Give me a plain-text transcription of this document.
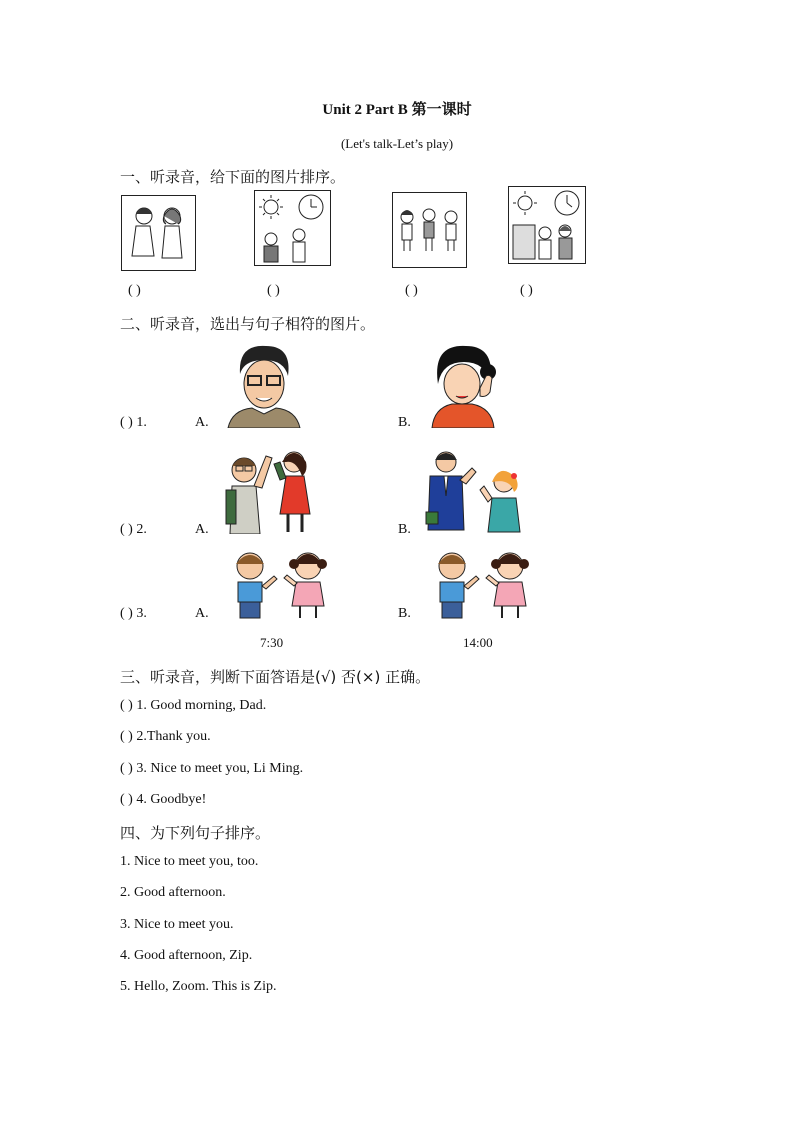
Unit 2 Part B 第一课时
(Let's talk-Let’s play)
一、听录音，给下面的图片排序。
( )	( )	( )	( )
二、听录音，选出与句子相符的图片。
( ) 1.	A.	B.
( ) 2.	A.	B.
( ) 3.	A.	B.
7:30	14:00
三、听录音，判断下面答语是(√) 否(×) 正确。
( ) 1. Good morning, Dad.
( ) 2.Thank you.
( ) 3. Nice to meet you, Li Ming.
( ) 4. Goodbye!
四、为下列句子排序。
1. Nice to meet you, too.
2. Good afternoon.
3. Nice to meet you.
4. Good afternoon, Zip.
5. Hello, Zoom. This is Zip.
